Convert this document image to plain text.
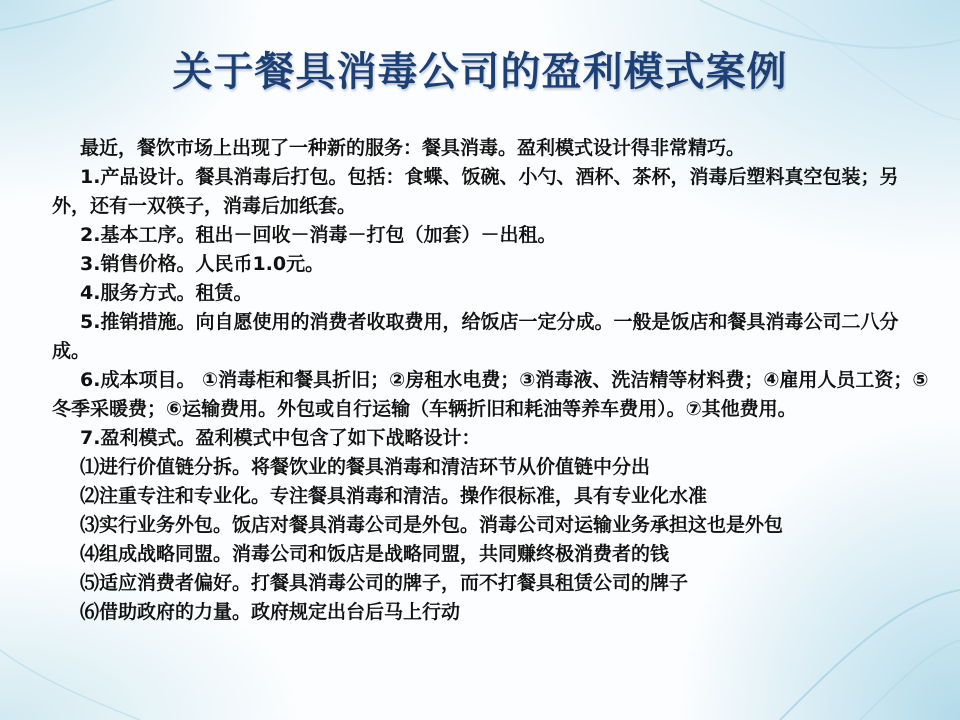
关于餐具消毒公司的盈利模式案例

最近，餐饮市场上出现了一种新的服务：餐具消毒。盈利模式设计得非常精巧。

1.产品设计。餐具消毒后打包。包括：食蝶、饭碗、小勺、酒杯、茶杯，消毒后塑料真空包装；另外，还有一双筷子，消毒后加纸套。

2.基本工序。租出－回收－消毒－打包（加套）－出租。

3.销售价格。人民币1.0元。

4.服务方式。租赁。

5.推销措施。向自愿使用的消费者收取费用，给饭店一定分成。一般是饭店和餐具消毒公司二八分成。

6.成本项目。 ①消毒柜和餐具折旧；②房租水电费；③消毒液、洗洁精等材料费；④雇用人员工资；⑤冬季采暖费；⑥运输费用。外包或自行运输（车辆折旧和耗油等养车费用）。⑦其他费用。

7.盈利模式。盈利模式中包含了如下战略设计：

⑴进行价值链分拆。将餐饮业的餐具消毒和清洁环节从价值链中分出

⑵注重专注和专业化。专注餐具消毒和清洁。操作很标准，具有专业化水准

⑶实行业务外包。饭店对餐具消毒公司是外包。消毒公司对运输业务承担这也是外包

⑷组成战略同盟。消毒公司和饭店是战略同盟，共同赚终极消费者的钱

⑸适应消费者偏好。打餐具消毒公司的牌子，而不打餐具租赁公司的牌子

⑹借助政府的力量。政府规定出台后马上行动
